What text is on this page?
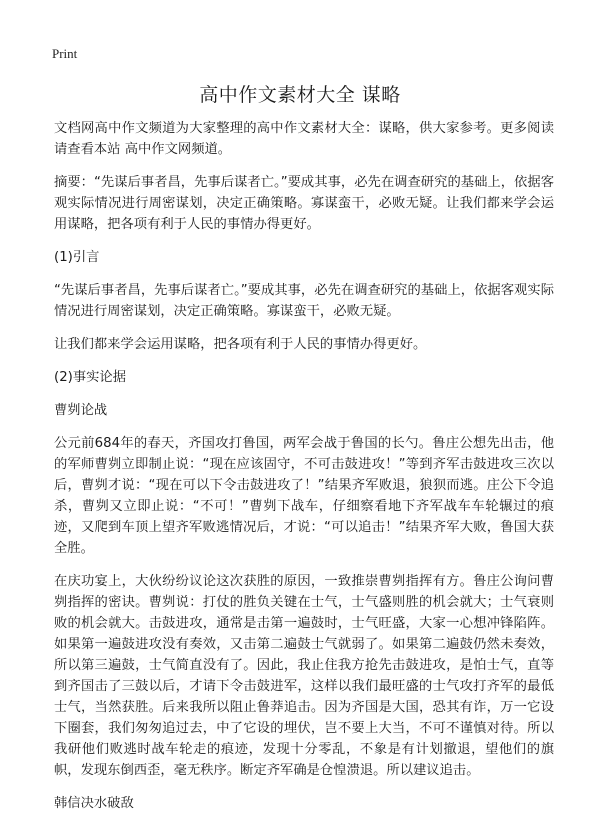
Print
高中作文素材大全 谋略

文档网高中作文频道为大家整理的高中作文素材大全：谋略，供大家参考。更多阅读请查看本站 高中作文网频道。

摘要：“先谋后事者昌，先事后谋者亡。”要成其事，必先在调查研究的基础上，依据客观实际情况进行周密谋划，决定正确策略。寡谋蛮干，必败无疑。让我们都来学会运用谋略，把各项有利于人民的事情办得更好。

(1)引言

“先谋后事者昌，先事后谋者亡。”要成其事，必先在调查研究的基础上，依据客观实际情况进行周密谋划，决定正确策略。寡谋蛮干，必败无疑。

让我们都来学会运用谋略，把各项有利于人民的事情办得更好。

(2)事实论据

曹刿论战

公元前684年的春天，齐国攻打鲁国，两军会战于鲁国的长勺。鲁庄公想先出击，他的军师曹刿立即制止说：“现在应该固守，不可击鼓进攻！”等到齐军击鼓进攻三次以后，曹刿才说：“现在可以下令击鼓进攻了！”结果齐军败退，狼狈而逃。庄公下令追杀，曹刿又立即止说：“不可！”曹刿下战车，仔细察看地下齐军战车车轮辗过的痕迹，又爬到车顶上望齐军败逃情况后，才说：“可以追击！”结果齐军大败，鲁国大获全胜。

在庆功宴上，大伙纷纷议论这次获胜的原因，一致推崇曹刿指挥有方。鲁庄公询问曹刿指挥的密诀。曹刿说：打仗的胜负关键在士气，士气盛则胜的机会就大；士气衰则败的机会就大。击鼓进攻，通常是击第一遍鼓时，士气旺盛，大家一心想冲锋陷阵。如果第一遍鼓进攻没有奏效，又击第二遍鼓士气就弱了。如果第二遍鼓仍然未奏效，所以第三遍鼓，士气简直没有了。因此，我止住我方抢先击鼓进攻，是怕士气，直等到齐国击了三鼓以后，才请下令击鼓进军，这样以我们最旺盛的士气攻打齐军的最低士气，当然获胜。后来我所以阻止鲁莽追击。因为齐国是大国，恐其有诈，万一它设下圈套，我们匆匆追过去，中了它设的埋伏，岂不要上大当，不可不谨慎对待。所以我研他们败逃时战车轮走的痕迹，发现十分零乱，不象是有计划撤退，望他们的旗帜，发现东倒西歪，毫无秩序。断定齐军确是仓惶溃退。所以建议追击。

韩信决水破敌
